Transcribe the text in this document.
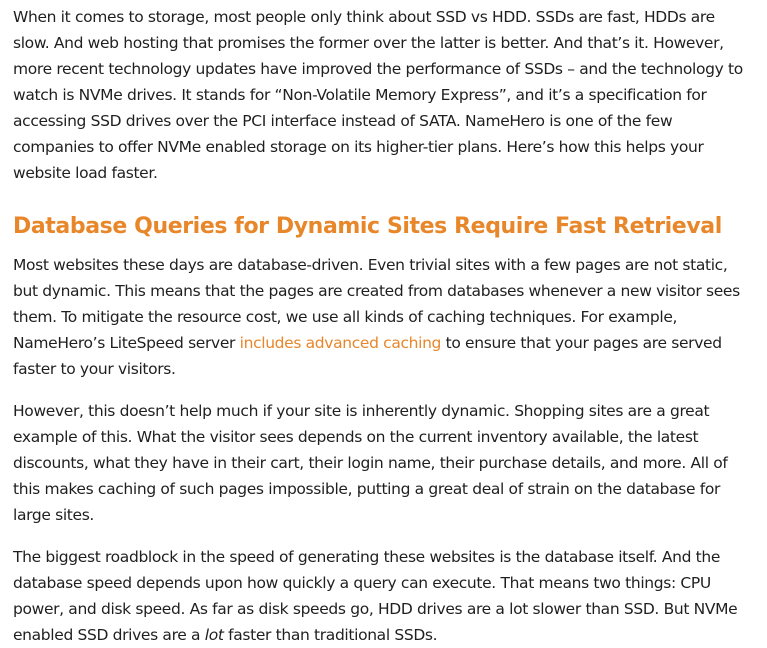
When it comes to storage, most people only think about SSD vs HDD. SSDs are fast, HDDs are slow. And web hosting that promises the former over the latter is better. And that’s it. However, more recent technology updates have improved the performance of SSDs – and the technology to watch is NVMe drives. It stands for “Non-Volatile Memory Express”, and it’s a specification for accessing SSD drives over the PCI interface instead of SATA. NameHero is one of the few companies to offer NVMe enabled storage on its higher-tier plans. Here’s how this helps your website load faster.

Database Queries for Dynamic Sites Require Fast Retrieval

Most websites these days are database-driven. Even trivial sites with a few pages are not static, but dynamic. This means that the pages are created from databases whenever a new visitor sees them. To mitigate the resource cost, we use all kinds of caching techniques. For example, NameHero’s LiteSpeed server includes advanced caching to ensure that your pages are served faster to your visitors.

However, this doesn’t help much if your site is inherently dynamic. Shopping sites are a great example of this. What the visitor sees depends on the current inventory available, the latest discounts, what they have in their cart, their login name, their purchase details, and more. All of this makes caching of such pages impossible, putting a great deal of strain on the database for large sites.

The biggest roadblock in the speed of generating these websites is the database itself. And the database speed depends upon how quickly a query can execute. That means two things: CPU power, and disk speed. As far as disk speeds go, HDD drives are a lot slower than SSD. But NVMe enabled SSD drives are a lot faster than traditional SSDs.
